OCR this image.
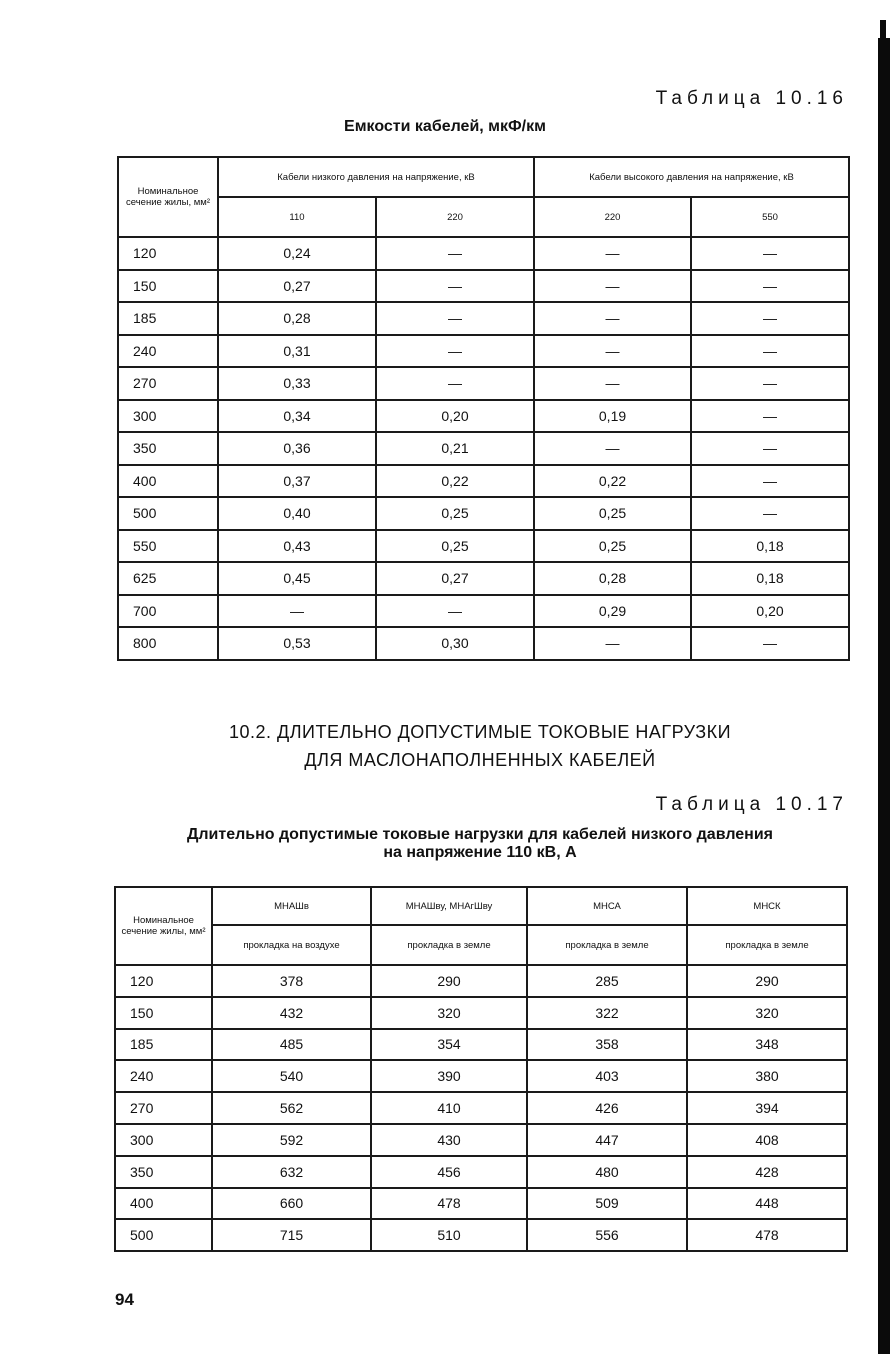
Таблица 10.16
Емкости кабелей, мкФ/км
Номинальное сечение жилы, мм²	Кабели низкого давления на напряжение, кВ		Кабели высокого давления на напряжение, кВ	
	110	220	220	550
120	0,24	—	—	—
150	0,27	—	—	—
185	0,28	—	—	—
240	0,31	—	—	—
270	0,33	—	—	—
300	0,34	0,20	0,19	—
350	0,36	0,21	—	—
400	0,37	0,22	0,22	—
500	0,40	0,25	0,25	—
550	0,43	0,25	0,25	0,18
625	0,45	0,27	0,28	0,18
700	—	—	0,29	0,20
800	0,53	0,30	—	—
10.2. ДЛИТЕЛЬНО ДОПУСТИМЫЕ ТОКОВЫЕ НАГРУЗКИ
ДЛЯ МАСЛОНАПОЛНЕННЫХ КАБЕЛЕЙ
Таблица 10.17
Длительно допустимые токовые нагрузки для кабелей низкого давления
на напряжение 110 кВ, А
Номинальное сечение жилы, мм²	МНАШв	МНАШву, МНАгШву	МНСА	МНСК
	прокладка на воздухе	прокладка в земле	прокладка в земле	прокладка в земле
120	378	290	285	290
150	432	320	322	320
185	485	354	358	348
240	540	390	403	380
270	562	410	426	394
300	592	430	447	408
350	632	456	480	428
400	660	478	509	448
500	715	510	556	478
94
